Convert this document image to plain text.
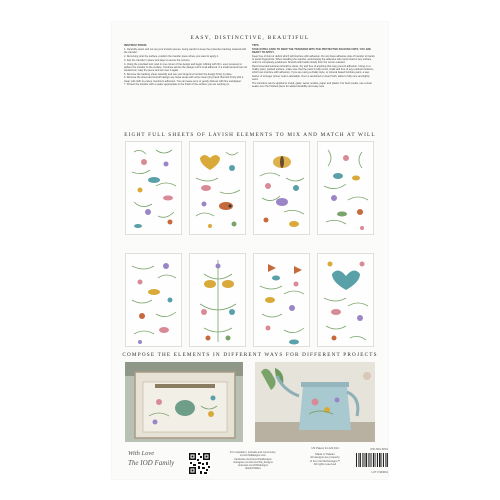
EASY, DISTINCTIVE, BEAUTIFUL
INSTRUCTIONS

1. Carefully select and cut out your transfer pieces, being careful to keep the protective backing material with the transfer.

2. Removing onto the surface, position the transfer piece where you want to apply it.

3. Fan the transfer in place and tape to secure the corners.

4. Using the provided tool, start in one corner of the design and begin rubbing with firm, even pressure to adhere the transfer to the surface. Continue across the design until it is all adhered. If a small amount has not transferred, relay the piece and rub over it again.

5. Remove the backing sheet carefully and use your fingers to burnish the design firmly in place.

6. Remove the sheet and smooth design any loose areas with some clear (dry) hand. Burnish firmly with a clean soft cloth to ensure maximum adhesion. You can leave as is or gently distress with fine sandpaper.

7. Protect the transfer with a sealer appropriate to the finish of the surface you are working on.

TIPS

TAKE EXTRA CARE TO KEEP THE TRANSFER WITH THE PROTECTIVE BACKING UNTIL YOU ARE READY TO APPLY.

Keep free of dust or debris which will interfere with adhesion. Do not dress adhesive side of transfer to hands to avoid fingerprints. When handling the transfer, avoid letting the adhesive side touch itself or any surface until it is completely positioned. Smooth with hands slowly from the center outward.

Recommended surfaces should be clean, dry and free of anything that may prevent adhesion. Using on a chalky paint, painted surface, make sure that the paint is fully cured, chalk and free of any residual moisture, which can interfere with adhesion. If you are using a chalky style, or mineral based furniture paint, a wax barrier or stronger primer coat is advisable. Over a varnished or clear finish, allow to fully cure and lightly sand.

The transfers can be applied to metal, glass, wood, textiles, paper and plastic. For best results, use a clear sealer over the finished piece for added durability and easy care.

EIGHT FULL SHEETS OF LAVISH ELEMENTS TO MIX AND MATCH AT WILL
COMPOSE THE ELEMENTS IN DIFFERENT WAYS FOR DIFFERENT PROJECTS
With Love
The IOD Family
For inspiration, tutorials and community:
ironorchiddesigns.com
facebook.com/ironorchiddesigns
instagram.com/ironorchid_designs
pinterest.com/IODdesigns
tiktok/IODdes
US Patent 11,124,014
Made in Taiwan
All designs are property
of Iron Orchid Designs™
All rights reserved
IOD-TRA-FP01
LOT # 903001
